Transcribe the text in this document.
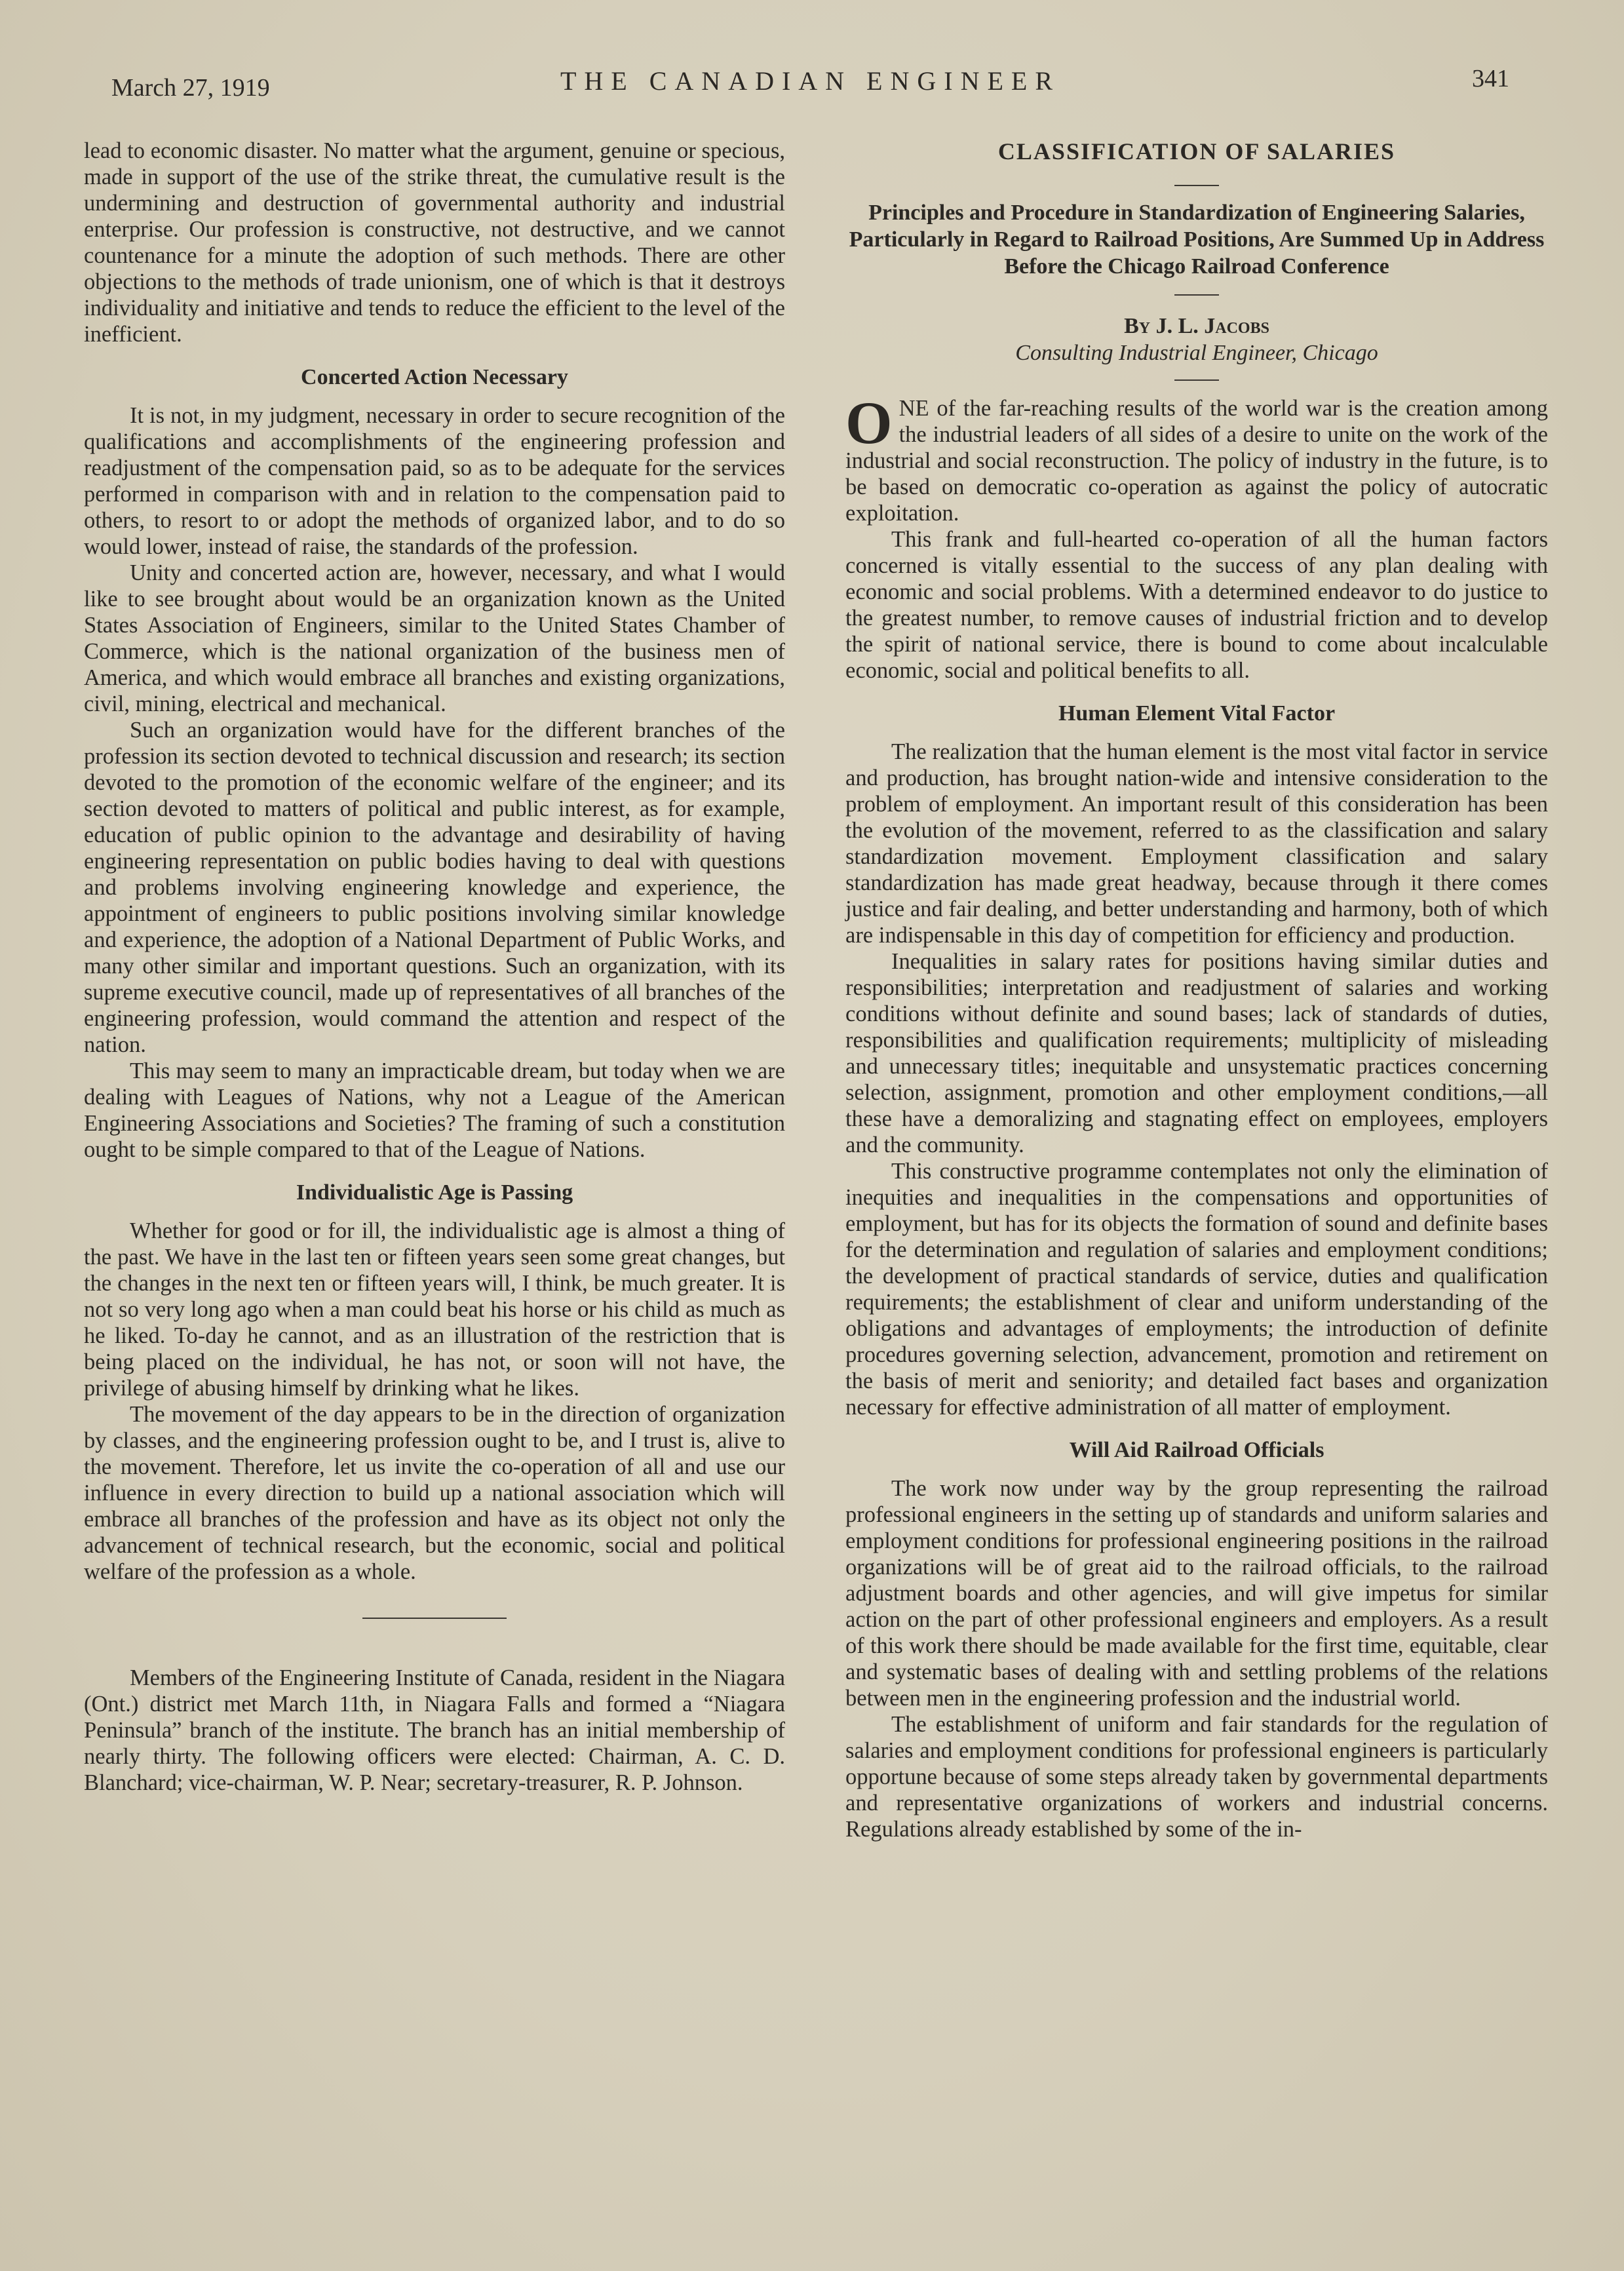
March 27, 1919	THE CANADIAN ENGINEER	341

lead to economic disaster. No matter what the argument, genuine or specious, made in support of the use of the strike threat, the cumulative result is the undermining and destruction of governmental authority and industrial enterprise. Our profession is constructive, not destructive, and we cannot countenance for a minute the adoption of such methods. There are other objections to the methods of trade unionism, one of which is that it destroys individuality and initiative and tends to reduce the efficient to the level of the inefficient.

Concerted Action Necessary

It is not, in my judgment, necessary in order to secure recognition of the qualifications and accomplishments of the engineering profession and readjustment of the compensation paid, so as to be adequate for the services performed in comparison with and in relation to the compensation paid to others, to resort to or adopt the methods of organized labor, and to do so would lower, instead of raise, the standards of the profession.

Unity and concerted action are, however, necessary, and what I would like to see brought about would be an organization known as the United States Association of Engineers, similar to the United States Chamber of Commerce, which is the national organization of the business men of America, and which would embrace all branches and existing organizations, civil, mining, electrical and mechanical.

Such an organization would have for the different branches of the profession its section devoted to technical discussion and research; its section devoted to the promotion of the economic welfare of the engineer; and its section devoted to matters of political and public interest, as for example, education of public opinion to the advantage and desirability of having engineering representation on public bodies having to deal with questions and problems involving engineering knowledge and experience, the appointment of engineers to public positions involving similar knowledge and experience, the adoption of a National Department of Public Works, and many other similar and important questions. Such an organization, with its supreme executive council, made up of representatives of all branches of the engineering profession, would command the attention and respect of the nation.

This may seem to many an impracticable dream, but today when we are dealing with Leagues of Nations, why not a League of the American Engineering Associations and Societies? The framing of such a constitution ought to be simple compared to that of the League of Nations.

Individualistic Age is Passing

Whether for good or for ill, the individualistic age is almost a thing of the past. We have in the last ten or fifteen years seen some great changes, but the changes in the next ten or fifteen years will, I think, be much greater. It is not so very long ago when a man could beat his horse or his child as much as he liked. To-day he cannot, and as an illustration of the restriction that is being placed on the individual, he has not, or soon will not have, the privilege of abusing himself by drinking what he likes.

The movement of the day appears to be in the direction of organization by classes, and the engineering profession ought to be, and I trust is, alive to the movement. Therefore, let us invite the co-operation of all and use our influence in every direction to build up a national association which will embrace all branches of the profession and have as its object not only the advancement of technical research, but the economic, social and political welfare of the profession as a whole.

Members of the Engineering Institute of Canada, resident in the Niagara (Ont.) district met March 11th, in Niagara Falls and formed a “Niagara Peninsula” branch of the institute. The branch has an initial membership of nearly thirty. The following officers were elected: Chairman, A. C. D. Blanchard; vice-chairman, W. P. Near; secretary-treasurer, R. P. Johnson.

CLASSIFICATION OF SALARIES
Principles and Procedure in Standardization of Engineering Salaries, Particularly in Regard to Railroad Positions, Are Summed Up in Address Before the Chicago Railroad Conference
By J. L. Jacobs
Consulting Industrial Engineer, Chicago

ONE of the far-reaching results of the world war is the creation among the industrial leaders of all sides of a desire to unite on the work of the industrial and social reconstruction. The policy of industry in the future, is to be based on democratic co-operation as against the policy of autocratic exploitation.

This frank and full-hearted co-operation of all the human factors concerned is vitally essential to the success of any plan dealing with economic and social problems. With a determined endeavor to do justice to the greatest number, to remove causes of industrial friction and to develop the spirit of national service, there is bound to come about incalculable economic, social and political benefits to all.

Human Element Vital Factor

The realization that the human element is the most vital factor in service and production, has brought nation-wide and intensive consideration to the problem of employment. An important result of this consideration has been the evolution of the movement, referred to as the classification and salary standardization movement. Employment classification and salary standardization has made great headway, because through it there comes justice and fair dealing, and better understanding and harmony, both of which are indispensable in this day of competition for efficiency and production.

Inequalities in salary rates for positions having similar duties and responsibilities; interpretation and readjustment of salaries and working conditions without definite and sound bases; lack of standards of duties, responsibilities and qualification requirements; multiplicity of misleading and unnecessary titles; inequitable and unsystematic practices concerning selection, assignment, promotion and other employment conditions,—all these have a demoralizing and stagnating effect on employees, employers and the community.

This constructive programme contemplates not only the elimination of inequities and inequalities in the compensations and opportunities of employment, but has for its objects the formation of sound and definite bases for the determination and regulation of salaries and employment conditions; the development of practical standards of service, duties and qualification requirements; the establishment of clear and uniform understanding of the obligations and advantages of employments; the introduction of definite procedures governing selection, advancement, promotion and retirement on the basis of merit and seniority; and detailed fact bases and organization necessary for effective administration of all matter of employment.

Will Aid Railroad Officials

The work now under way by the group representing the railroad professional engineers in the setting up of standards and uniform salaries and employment conditions for professional engineering positions in the railroad organizations will be of great aid to the railroad officials, to the railroad adjustment boards and other agencies, and will give impetus for similar action on the part of other professional engineers and employers. As a result of this work there should be made available for the first time, equitable, clear and systematic bases of dealing with and settling problems of the relations between men in the engineering profession and the industrial world.

The establishment of uniform and fair standards for the regulation of salaries and employment conditions for professional engineers is particularly opportune because of some steps already taken by governmental departments and representative organizations of workers and industrial concerns. Regulations already established by some of the in-
